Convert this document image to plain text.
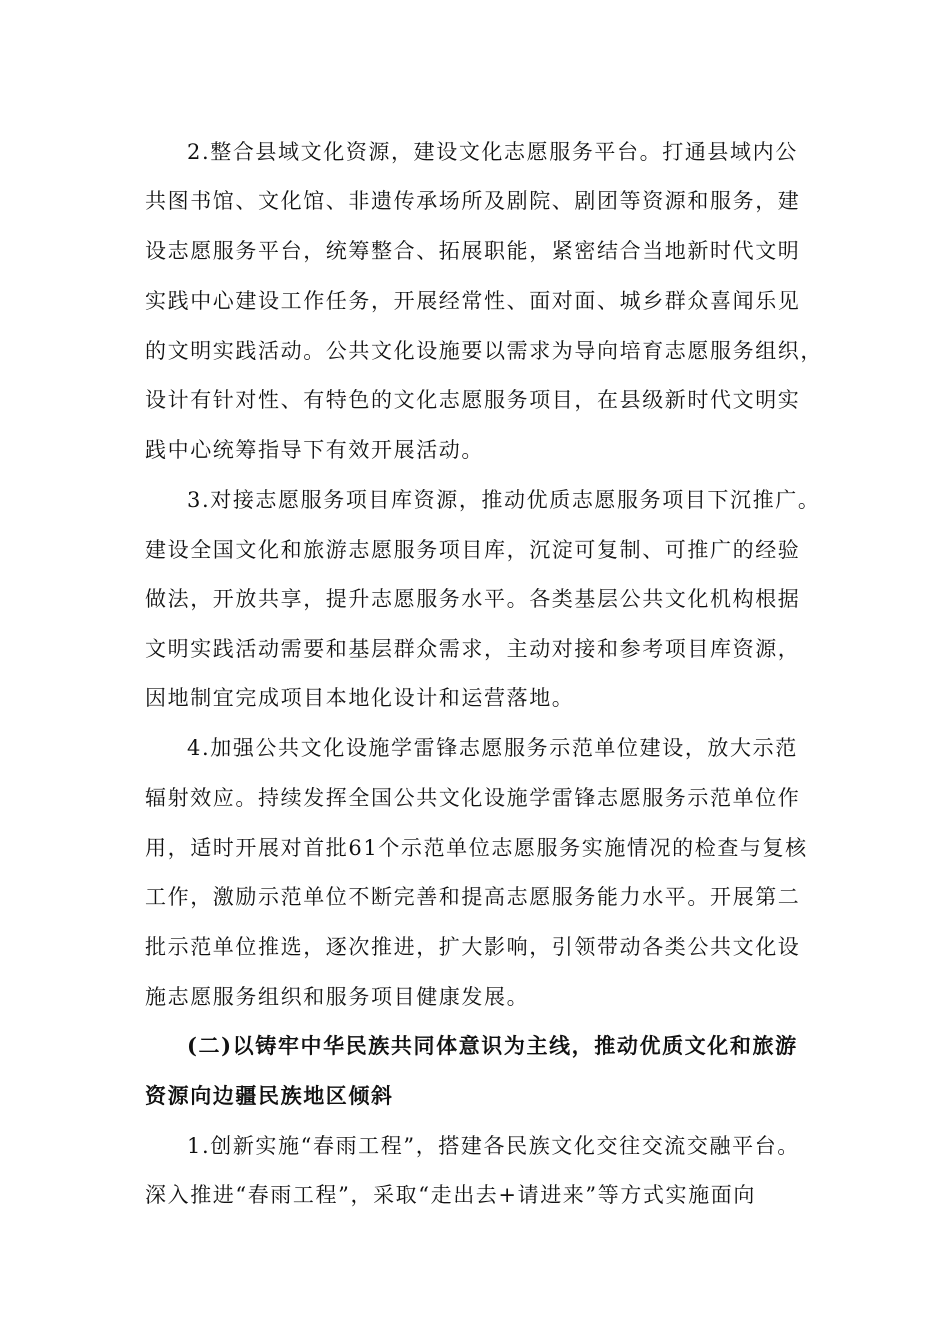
2.整合县域文化资源，建设文化志愿服务平台。打通县域内公
共图书馆、文化馆、非遗传承场所及剧院、剧团等资源和服务，建
设志愿服务平台，统筹整合、拓展职能，紧密结合当地新时代文明
实践中心建设工作任务，开展经常性、面对面、城乡群众喜闻乐见
的文明实践活动。公共文化设施要以需求为导向培育志愿服务组织，
设计有针对性、有特色的文化志愿服务项目，在县级新时代文明实
践中心统筹指导下有效开展活动。
3.对接志愿服务项目库资源，推动优质志愿服务项目下沉推广。
建设全国文化和旅游志愿服务项目库，沉淀可复制、可推广的经验
做法，开放共享，提升志愿服务水平。各类基层公共文化机构根据
文明实践活动需要和基层群众需求，主动对接和参考项目库资源，
因地制宜完成项目本地化设计和运营落地。
4.加强公共文化设施学雷锋志愿服务示范单位建设，放大示范
辐射效应。持续发挥全国公共文化设施学雷锋志愿服务示范单位作
用，适时开展对首批61个示范单位志愿服务实施情况的检查与复核
工作，激励示范单位不断完善和提高志愿服务能力水平。开展第二
批示范单位推选，逐次推进，扩大影响，引领带动各类公共文化设
施志愿服务组织和服务项目健康发展。
(二)以铸牢中华民族共同体意识为主线，推动优质文化和旅游
资源向边疆民族地区倾斜
1.创新实施“春雨工程”，搭建各民族文化交往交流交融平台。
深入推进“春雨工程”，采取“走出去+请进来”等方式实施面向
